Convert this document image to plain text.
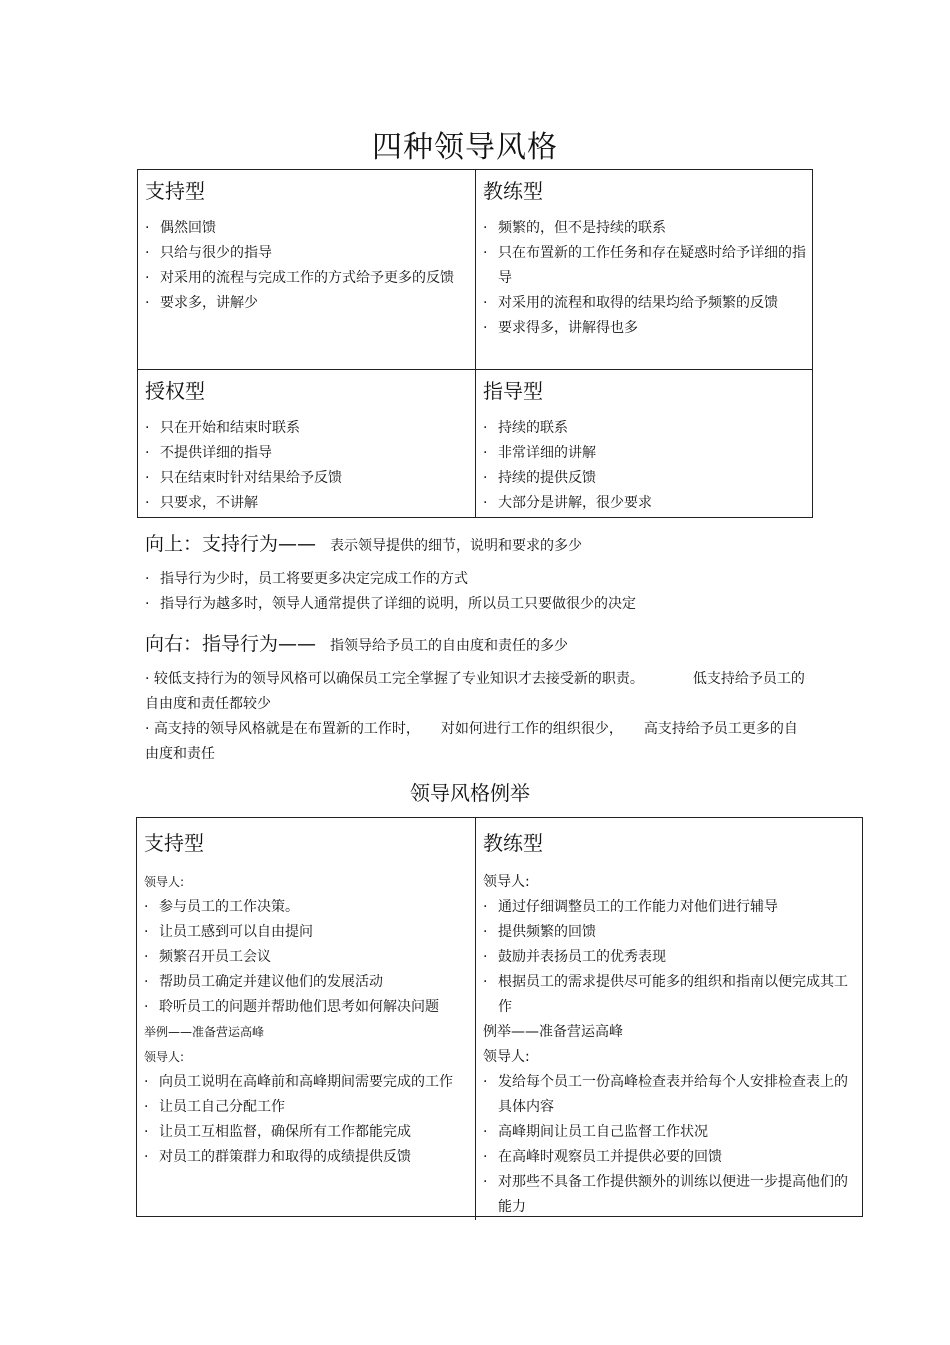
四种领导风格
支持型
· 偶然回馈
· 只给与很少的指导
· 对采用的流程与完成工作的方式给予更多的反馈
· 要求多，讲解少
教练型
· 频繁的，但不是持续的联系
· 只在布置新的工作任务和存在疑惑时给予详细的指导
· 对采用的流程和取得的结果均给予频繁的反馈
· 要求得多，讲解得也多
授权型
· 只在开始和结束时联系
· 不提供详细的指导
· 只在结束时针对结果给予反馈
· 只要求，不讲解
指导型
· 持续的联系
· 非常详细的讲解
· 持续的提供反馈
· 大部分是讲解，很少要求
向上：支持行为—— 表示领导提供的细节，说明和要求的多少
· 指导行为少时，员工将要更多决定完成工作的方式
· 指导行为越多时，领导人通常提供了详细的说明，所以员工只要做很少的决定
向右：指导行为—— 指领导给予员工的自由度和责任的多少
· 较低支持行为的领导风格可以确保员工完全掌握了专业知识才去接受新的职责。　　　　低支持给予员工的自由度和责任都较少
· 高支持的领导风格就是在布置新的工作时，　　对如何进行工作的组织很少，　　高支持给予员工更多的自由度和责任
领导风格例举
支持型
领导人:
· 参与员工的工作决策。
· 让员工感到可以自由提问
· 频繁召开员工会议
· 帮助员工确定并建议他们的发展活动
· 聆听员工的问题并帮助他们思考如何解决问题
举例——准备营运高峰
领导人:
· 向员工说明在高峰前和高峰期间需要完成的工作
· 让员工自己分配工作
· 让员工互相监督，确保所有工作都能完成
· 对员工的群策群力和取得的成绩提供反馈
教练型
领导人:
· 通过仔细调整员工的工作能力对他们进行辅导
· 提供频繁的回馈
· 鼓励并表扬员工的优秀表现
· 根据员工的需求提供尽可能多的组织和指南以便完成其工作
例举——准备营运高峰
领导人:
· 发给每个员工一份高峰检查表并给每个人安排检查表上的具体内容
· 高峰期间让员工自己监督工作状况
· 在高峰时观察员工并提供必要的回馈
· 对那些不具备工作提供额外的训练以便进一步提高他们的能力
